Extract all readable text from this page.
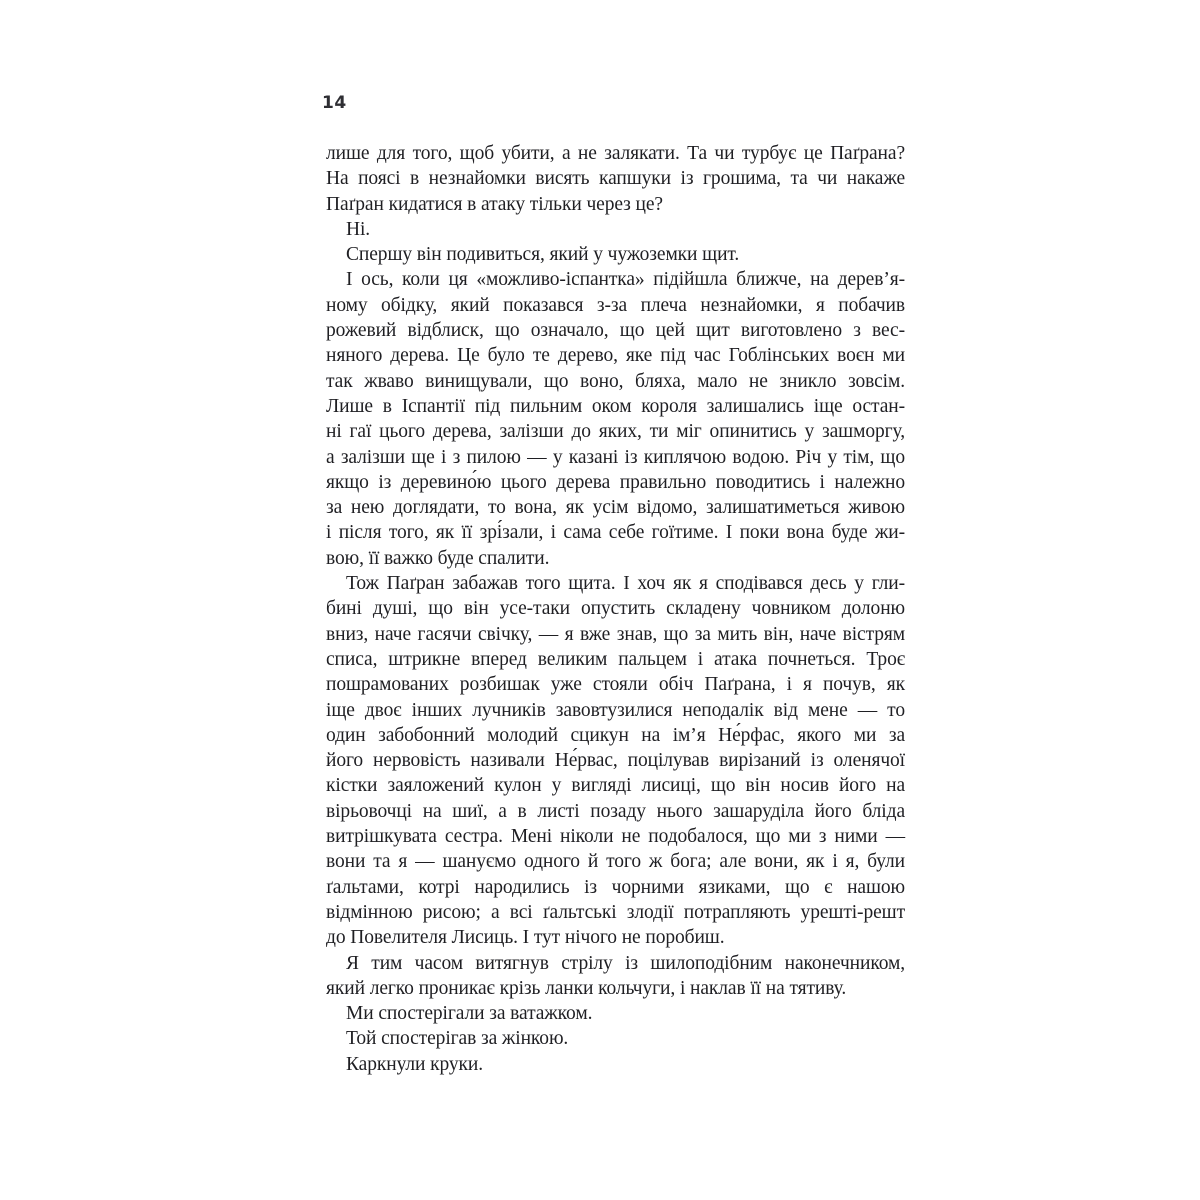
14
лише для того, щоб убити, а не залякати. Та чи турбує це Паґрана?
На поясі в незнайомки висять капшуки із грошима, та чи накаже
Паґран кидатися в атаку тільки через це?
Ні.
Спершу він подивиться, який у чужоземки щит.
І ось, коли ця «можливо-іспантка» підійшла ближче, на дерев’я-
ному обідку, який показався з-за плеча незнайомки, я побачив
рожевий відблиск, що означало, що цей щит виготовлено з вес-
няного дерева. Це було те дерево, яке під час Гоблінських воєн ми
так жваво винищували, що воно, бляха, мало не зникло зовсім.
Лише в Іспантії під пильним оком короля залишались іще остан-
ні гаї цього дерева, залізши до яких, ти міг опинитись у зашморгу,
а залізши ще і з пилою — у казані із киплячою водою. Річ у тім, що
якщо із деревино́ю цього дерева правильно поводитись і належно
за нею доглядати, то вона, як усім відомо, залишатиметься живою
і після того, як її зрі́зали, і сама себе гоїтиме. І поки вона буде жи-
вою, її важко буде спалити.
Тож Паґран забажав того щита. І хоч як я сподівався десь у гли-
бині душі, що він усе-таки опустить складену човником долоню
вниз, наче гасячи свічку, — я вже знав, що за мить він, наче вістрям
списа, штрикне вперед великим пальцем і атака почнеться. Троє
пошрамованих розбишак уже стояли обіч Паґрана, і я почув, як
іще двоє інших лучників завовтузилися неподалік від мене — то
один забобонний молодий сцикун на ім’я Не́рфас, якого ми за
його нервовість називали Не́рвас, поцілував вирізаний із оленячої
кістки заяложений кулон у вигляді лисиці, що він носив його на
вірьовочці на шиї, а в листі позаду нього зашаруділа його бліда
витрішкувата сестра. Мені ніколи не подобалося, що ми з ними —
вони та я — шануємо одного й того ж бога; але вони, як і я, були
ґальтами, котрі народились із чорними язиками, що є нашою
відмінною рисою; а всі ґальтські злодії потрапляють урешті-решт
до Повелителя Лисиць. І тут нічого не поробиш.
Я тим часом витягнув стрілу із шилоподібним наконечником,
який легко проникає крізь ланки кольчуги, і наклав її на тятиву.
Ми спостерігали за ватажком.
Той спостерігав за жінкою.
Каркнули круки.
